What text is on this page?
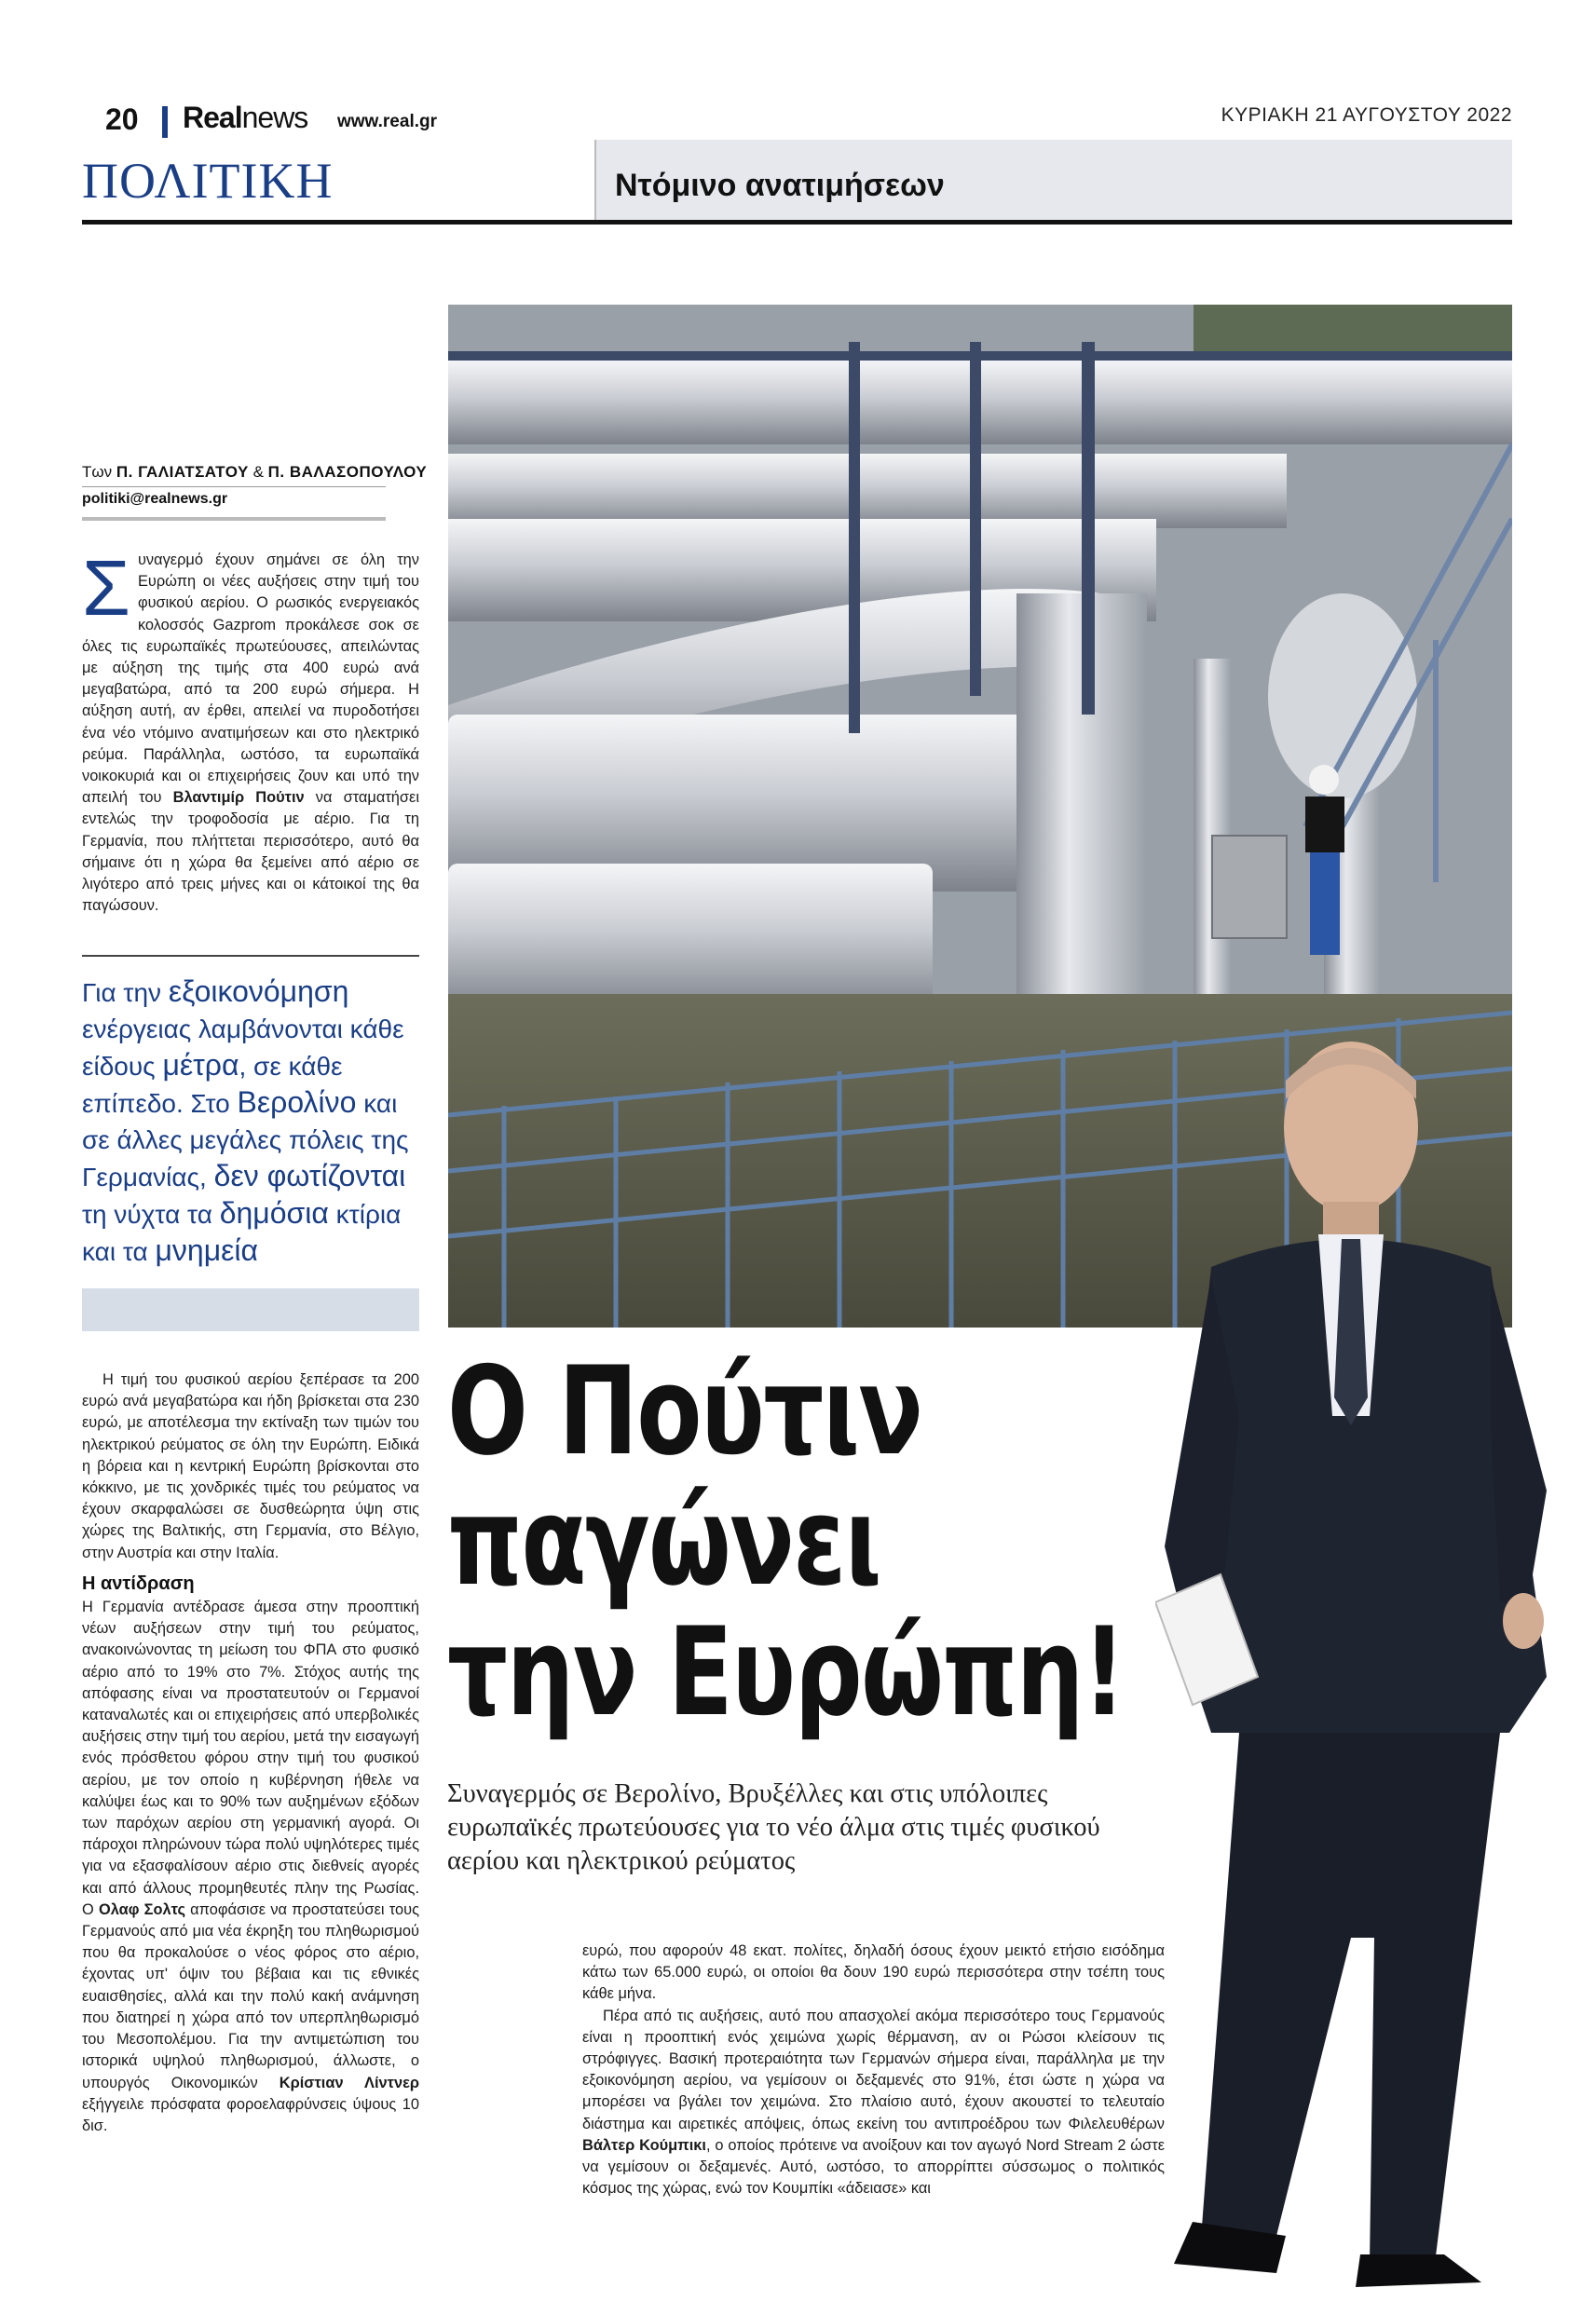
20 Realnews www.real.gr	ΚΥΡΙΑΚΗ 21 ΑΥΓΟΥΣΤΟΥ 2022
ΠΟΛΙΤΙΚΗ	Ντόμινο ανατιμήσεων
Των Π. ΓΑΛΙΑΤΣΑΤΟΥ & Π. ΒΑΛΑΣΟΠΟΥΛΟΥ
politiki@realnews.gr

Συναγερμό έχουν σημάνει σε όλη την Ευρώπη οι νέες αυξήσεις στην τιμή του φυσικού αερίου. Ο ρωσικός ενεργειακός κολοσσός Gazprom προκάλεσε σοκ σε όλες τις ευρωπαϊκές πρωτεύουσες, απειλώντας με αύξηση της τιμής στα 400 ευρώ ανά μεγαβατώρα, από τα 200 ευρώ σήμερα. Η αύξηση αυτή, αν έρθει, απειλεί να πυροδοτήσει ένα νέο ντόμινο ανατιμήσεων και στο ηλεκτρικό ρεύμα. Παράλληλα, ωστόσο, τα ευρωπαϊκά νοικοκυριά και οι επιχειρήσεις ζουν και υπό την απειλή του Βλαντιμίρ Πούτιν να σταματήσει εντελώς την τροφοδοσία με αέριο. Για τη Γερμανία, που πλήττεται περισσότερο, αυτό θα σήμαινε ότι η χώρα θα ξεμείνει από αέριο σε λιγότερο από τρεις μήνες και οι κάτοικοί της θα παγώσουν.

Για την εξοικονόμηση ενέργειας λαμβάνονται κάθε είδους μέτρα, σε κάθε επίπεδο. Στο Βερολίνο και σε άλλες μεγάλες πόλεις της Γερμανίας, δεν φωτίζονται τη νύχτα τα δημόσια κτίρια και τα μνημεία

Η τιμή του φυσικού αερίου ξεπέρασε τα 200 ευρώ ανά μεγαβατώρα και ήδη βρίσκεται στα 230 ευρώ, με αποτέλεσμα την εκτίναξη των τιμών του ηλεκτρικού ρεύματος σε όλη την Ευρώπη. Ειδικά η βόρεια και η κεντρική Ευρώπη βρίσκονται στο κόκκινο, με τις χονδρικές τιμές του ρεύματος να έχουν σκαρφαλώσει σε δυσθεώρητα ύψη στις χώρες της Βαλτικής, στη Γερμανία, στο Βέλγιο, στην Αυστρία και στην Ιταλία.

Η αντίδραση

Η Γερμανία αντέδρασε άμεσα στην προοπτική νέων αυξήσεων στην τιμή του ρεύματος, ανακοινώνοντας τη μείωση του ΦΠΑ στο φυσικό αέριο από το 19% στο 7%. Στόχος αυτής της απόφασης είναι να προστατευτούν οι Γερμανοί καταναλωτές και οι επιχειρήσεις από υπερβολικές αυξήσεις στην τιμή του αερίου, μετά την εισαγωγή ενός πρόσθετου φόρου στην τιμή του φυσικού αερίου, με τον οποίο η κυβέρνηση ήθελε να καλύψει έως και το 90% των αυξημένων εξόδων των παρόχων αερίου στη γερμανική αγορά. Οι πάροχοι πληρώνουν τώρα πολύ υψηλότερες τιμές για να εξασφαλίσουν αέριο στις διεθνείς αγορές και από άλλους προμηθευτές πλην της Ρωσίας. Ο Ολαφ Σολτς αποφάσισε να προστατεύσει τους Γερμανούς από μια νέα έκρηξη του πληθωρισμού που θα προκαλούσε ο νέος φόρος στο αέριο, έχοντας υπ' όψιν του βέβαια και τις εθνικές ευαισθησίες, αλλά και την πολύ κακή ανάμνηση που διατηρεί η χώρα από τον υπερπληθωρισμό του Μεσοπολέμου. Για την αντιμετώπιση του ιστορικά υψηλού πληθωρισμού, άλλωστε, ο υπουργός Οικονομικών Κρίστιαν Λίντνερ εξήγγειλε πρόσφατα φοροελαφρύνσεις ύψους 10 δισ.

Ο Πούτιν
παγώνει
την Ευρώπη!
Συναγερμός σε Βερολίνο, Βρυξέλλες και στις υπόλοιπες ευρωπαϊκές πρωτεύουσες για το νέο άλμα στις τιμές φυσικού αερίου και ηλεκτρικού ρεύματος

ευρώ, που αφορούν 48 εκατ. πολίτες, δηλαδή όσους έχουν μεικτό ετήσιο εισόδημα κάτω των 65.000 ευρώ, οι οποίοι θα δουν 190 ευρώ περισσότερα στην τσέπη τους κάθε μήνα.

Πέρα από τις αυξήσεις, αυτό που απασχολεί ακόμα περισσότερο τους Γερμανούς είναι η προοπτική ενός χειμώνα χωρίς θέρμανση, αν οι Ρώσοι κλείσουν τις στρόφιγγες. Βασική προτεραιότητα των Γερμανών σήμερα είναι, παράλληλα με την εξοικονόμηση αερίου, να γεμίσουν οι δεξαμενές στο 91%, έτσι ώστε η χώρα να μπορέσει να βγάλει τον χειμώνα. Στο πλαίσιο αυτό, έχουν ακουστεί το τελευταίο διάστημα και αιρετικές απόψεις, όπως εκείνη του αντιπροέδρου των Φιλελευθέρων Βάλτερ Κούμπικι, ο οποίος πρότεινε να ανοίξουν και τον αγωγό Nord Stream 2 ώστε να γεμίσουν οι δεξαμενές. Αυτό, ωστόσο, το απορρίπτει σύσσωμος ο πολιτικός κόσμος της χώρας, ενώ τον Κουμπίκι «άδειασε» και
